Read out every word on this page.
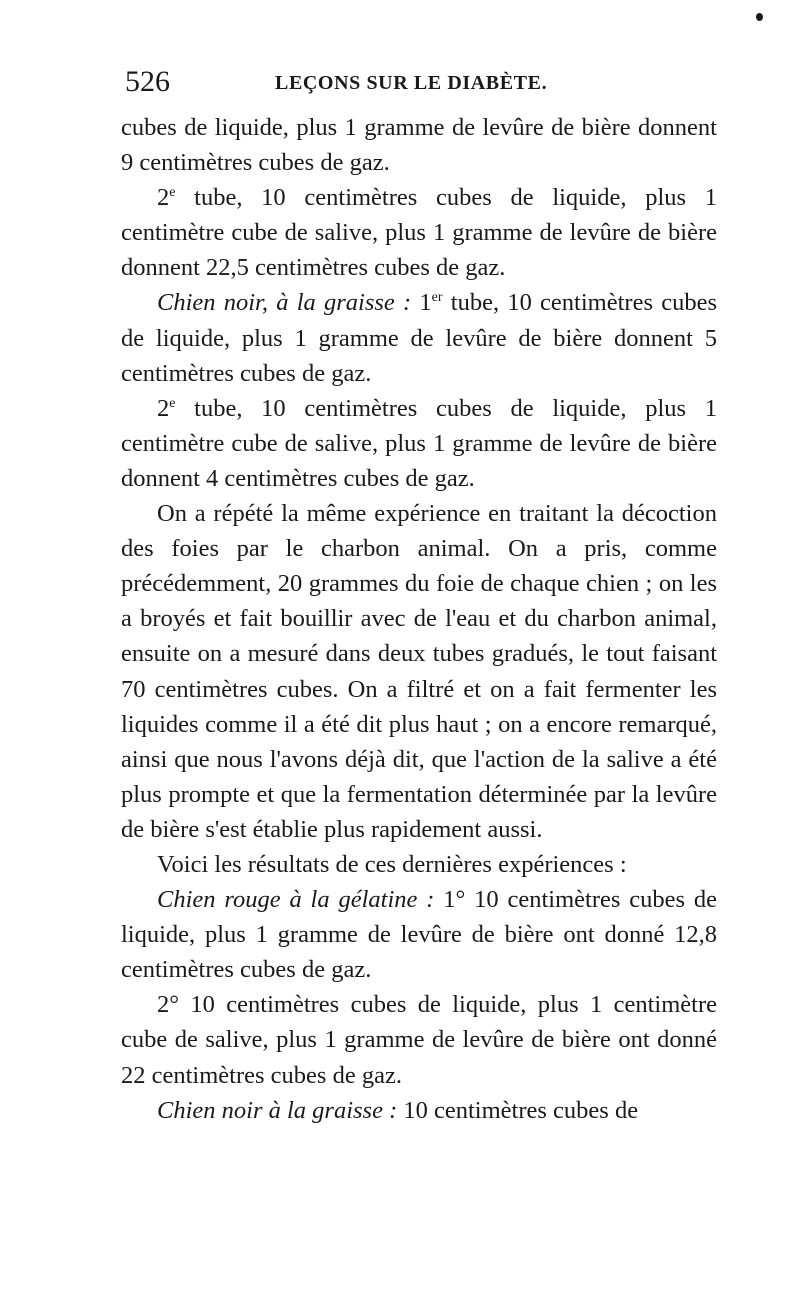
526	LEÇONS SUR LE DIABÈTE.

cubes de liquide, plus 1 gramme de levûre de bière donnent 9 centimètres cubes de gaz.

2e tube, 10 centimètres cubes de liquide, plus 1 centimètre cube de salive, plus 1 gramme de levûre de bière donnent 22,5 centimètres cubes de gaz.

Chien noir, à la graisse : 1er tube, 10 centimètres cubes de liquide, plus 1 gramme de levûre de bière donnent 5 centimètres cubes de gaz.

2e tube, 10 centimètres cubes de liquide, plus 1 centimètre cube de salive, plus 1 gramme de levûre de bière donnent 4 centimètres cubes de gaz.

On a répété la même expérience en traitant la décoction des foies par le charbon animal. On a pris, comme précédemment, 20 grammes du foie de chaque chien ; on les a broyés et fait bouillir avec de l'eau et du charbon animal, ensuite on a mesuré dans deux tubes gradués, le tout faisant 70 centimètres cubes. On a filtré et on a fait fermenter les liquides comme il a été dit plus haut ; on a encore remarqué, ainsi que nous l'avons déjà dit, que l'action de la salive a été plus prompte et que la fermentation déterminée par la levûre de bière s'est établie plus rapidement aussi.

Voici les résultats de ces dernières expériences :

Chien rouge à la gélatine : 1° 10 centimètres cubes de liquide, plus 1 gramme de levûre de bière ont donné 12,8 centimètres cubes de gaz.

2° 10 centimètres cubes de liquide, plus 1 centimètre cube de salive, plus 1 gramme de levûre de bière ont donné 22 centimètres cubes de gaz.

Chien noir à la graisse : 10 centimètres cubes de
